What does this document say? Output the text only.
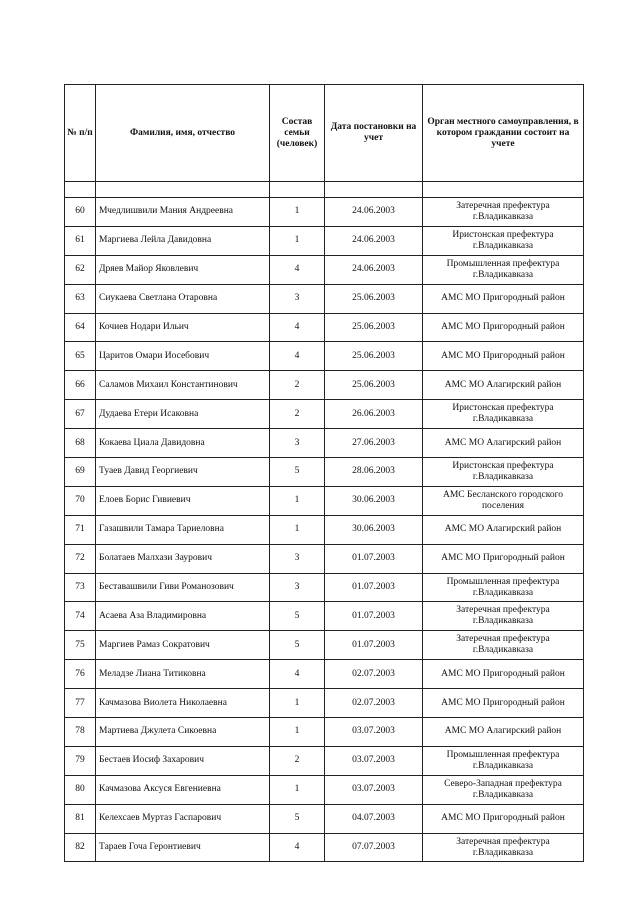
№ п/п	Фамилия, имя, отчество	Состав семьи (человек)	Дата постановки на учет	Орган местного самоуправления, в котором граждании состоит на учете

60	Мчедлишвили Мания Андреевна	1	24.06.2003	Затеречная префектура г.Владикавказа
61	Маргиева Лейла Давидовна	1	24.06.2003	Иристонская префектура г.Владикавказа
62	Дряев Майор Яковлевич	4	24.06.2003	Промышленная префектура г.Владикавказа
63	Сиукаева Светлана Отаровна	3	25.06.2003	АМС МО Пригородный район
64	Кочиев Нодари Ильич	4	25.06.2003	АМС МО Пригородный район
65	Царитов Омари Иосебович	4	25.06.2003	АМС МО Пригородный район
66	Саламов Михаил Константинович	2	25.06.2003	АМС МО Алагирский район
67	Дудаева Етери Исаковна	2	26.06.2003	Иристонская префектура г.Владикавказа
68	Кокаева Циала Давидовна	3	27.06.2003	АМС МО Алагирский район
69	Туаев Давид Георгиевич	5	28.06.2003	Иристонская префектура г.Владикавказа
70	Елоев Борис Гивиевич	1	30.06.2003	АМС Бесланского городского поселения
71	Газашвили Тамара Тариеловна	1	30.06.2003	АМС МО Алагирский район
72	Болатаев Малхази Заурович	3	01.07.2003	АМС МО Пригородный район
73	Беставашвили Гиви Романозович	3	01.07.2003	Промышленная префектура г.Владикавказа
74	Асаева Аза Владимировна	5	01.07.2003	Затеречная префектура г.Владикавказа
75	Маргиев Рамаз Сократович	5	01.07.2003	Затеречная префектура г.Владикавказа
76	Меладзе Лиана Титиковна	4	02.07.2003	АМС МО Пригородный район
77	Качмазова Виолета Николаевна	1	02.07.2003	АМС МО Пригородный район
78	Мартиева Джулета Сикоевна	1	03.07.2003	АМС МО Алагирский район
79	Бестаев Иосиф Захарович	2	03.07.2003	Промышленная префектура г.Владикавказа
80	Качмазова Аксуся Евгениевна	1	03.07.2003	Северо-Западная префектура г.Владикавказа
81	Келехсаев Муртаз Гаспарович	5	04.07.2003	АМС МО Пригородный район
82	Тараев Гоча Геронтиевич	4	07.07.2003	Затеречная префектура г.Владикавказа
